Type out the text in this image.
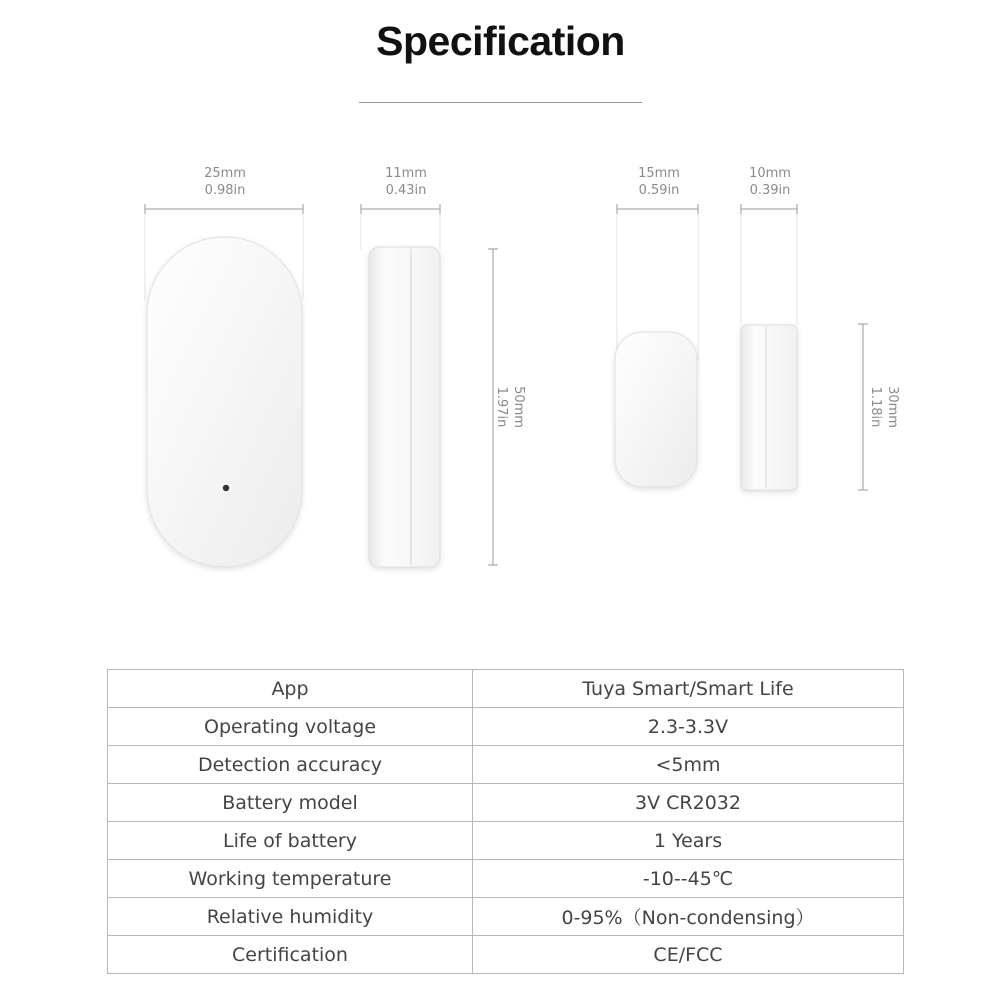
Specification
25mm
0.98in
11mm
0.43in
15mm
0.59in
10mm
0.39in
50mm
1.97in	30mm
1.18in
App	Tuya Smart/Smart Life
Operating voltage	2.3-3.3V
Detection accuracy	<5mm
Battery model	3V CR2032
Life of battery	1 Years
Working temperature	-10--45℃
Relative humidity	0-95%（Non-condensing）
Certification	CE/FCC
